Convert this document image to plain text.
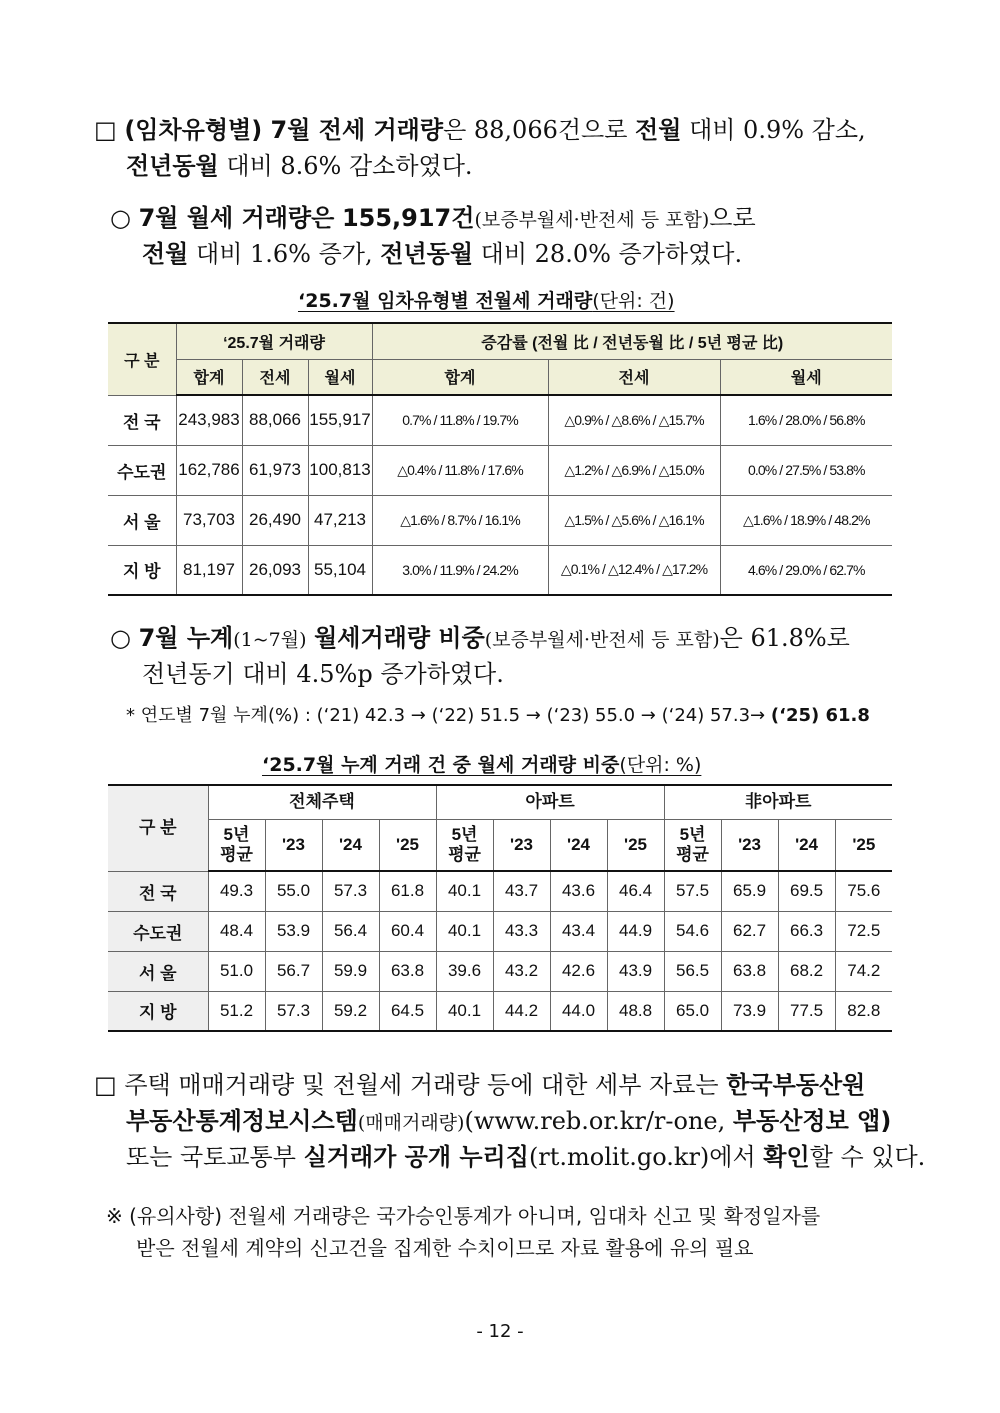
□ (임차유형별) 7월 전세 거래량은 88,066건으로 전월 대비 0.9% 감소,
전년동월 대비 8.6% 감소하였다.
○ 7월 월세 거래량은 155,917건(보증부월세·반전세 등 포함)으로
전월 대비 1.6% 증가, 전년동월 대비 28.0% 증가하였다.
‘25.7월 임차유형별 전월세 거래량(단위: 건)
구 분	‘25.7월 거래량			증감률 (전월 比 / 전년동월 比 / 5년 평균 比)		
	합계	전세	월세	합계	전세	월세
전 국	243,983	88,066	155,917	0.7% / 11.8% / 19.7%	△0.9% / △8.6% / △15.7%	1.6% / 28.0% / 56.8%
수도권	162,786	61,973	100,813	△0.4% / 11.8% / 17.6%	△1.2% / △6.9% / △15.0%	0.0% / 27.5% / 53.8%
서 울	73,703	26,490	47,213	△1.6% / 8.7% / 16.1%	△1.5% / △5.6% / △16.1%	△1.6% / 18.9% / 48.2%
지 방	81,197	26,093	55,104	3.0% / 11.9% / 24.2%	△0.1% / △12.4% / △17.2%	4.6% / 29.0% / 62.7%
○ 7월 누계(1~7월) 월세거래량 비중(보증부월세·반전세 등 포함)은 61.8%로
전년동기 대비 4.5%p 증가하였다.
* 연도별 7월 누계(%) : (‘21) 42.3 → (‘22) 51.5 → (‘23) 55.0 → (‘24) 57.3→ (‘25) 61.8
‘25.7월 누계 거래 건 중 월세 거래량 비중(단위: %)
구 분	전체주택				아파트				非아파트			
	5년
평균	'23	'24	'25	5년
평균	'23	'24	'25	5년
평균	'23	'24	'25
전 국	49.3	55.0	57.3	61.8	40.1	43.7	43.6	46.4	57.5	65.9	69.5	75.6
수도권	48.4	53.9	56.4	60.4	40.1	43.3	43.4	44.9	54.6	62.7	66.3	72.5
서 울	51.0	56.7	59.9	63.8	39.6	43.2	42.6	43.9	56.5	63.8	68.2	74.2
지 방	51.2	57.3	59.2	64.5	40.1	44.2	44.0	48.8	65.0	73.9	77.5	82.8
□ 주택 매매거래량 및 전월세 거래량 등에 대한 세부 자료는 한국부동산원
부동산통계정보시스템(매매거래량)(www.reb.or.kr/r-one, 부동산정보 앱)
또는 국토교통부 실거래가 공개 누리집(rt.molit.go.kr)에서 확인할 수 있다.
※ (유의사항) 전월세 거래량은 국가승인통계가 아니며, 임대차 신고 및 확정일자를
받은 전월세 계약의 신고건을 집계한 수치이므로 자료 활용에 유의 필요
- 12 -
